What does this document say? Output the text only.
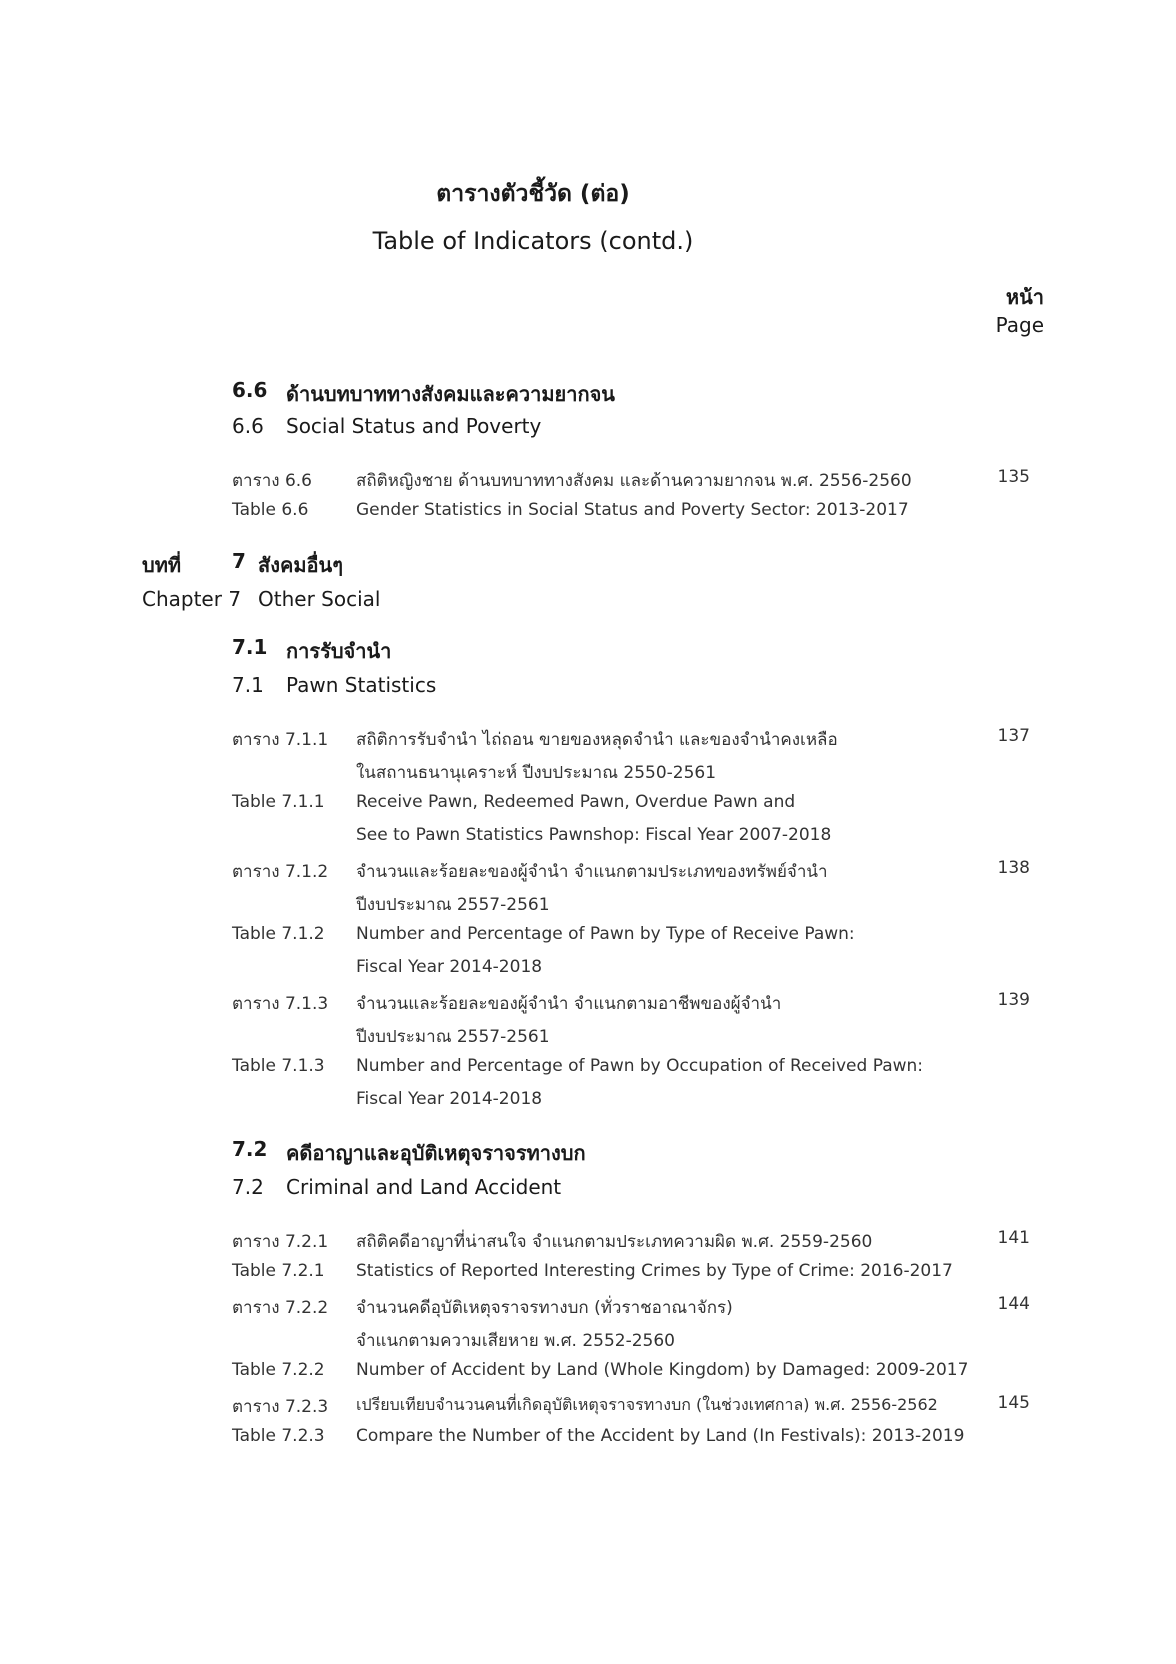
ตารางตัวชี้วัด (ต่อ)
Table of Indicators (contd.)
หน้า
Page
6.6 ด้านบทบาททางสังคมและความยากจน
6.6 Social Status and Poverty
ตาราง 6.6	สถิติหญิงชาย ด้านบทบาททางสังคม และด้านความยากจน พ.ศ. 2556-2560	135
Table 6.6	Gender Statistics in Social Status and Poverty Sector: 2013-2017
บทที่	7 สังคมอื่นๆ
Chapter 7 Other Social
7.1 การรับจำนำ
7.1 Pawn Statistics
ตาราง 7.1.1 สถิติการรับจำนำ ไถ่ถอน ขายของหลุดจำนำ และของจำนำคงเหลือ	137
ในสถานธนานุเคราะห์ ปีงบประมาณ 2550-2561
Table 7.1.1 Receive Pawn, Redeemed Pawn, Overdue Pawn and
See to Pawn Statistics Pawnshop: Fiscal Year 2007-2018
ตาราง 7.1.2 จำนวนและร้อยละของผู้จำนำ จำแนกตามประเภทของทรัพย์จำนำ	138
ปีงบประมาณ 2557-2561
Table 7.1.2 Number and Percentage of Pawn by Type of Receive Pawn:
Fiscal Year 2014-2018
ตาราง 7.1.3 จำนวนและร้อยละของผู้จำนำ จำแนกตามอาชีพของผู้จำนำ	139
ปีงบประมาณ 2557-2561
Table 7.1.3 Number and Percentage of Pawn by Occupation of Received Pawn:
Fiscal Year 2014-2018
7.2 คดีอาญาและอุบัติเหตุจราจรทางบก
7.2 Criminal and Land Accident
ตาราง 7.2.1 สถิติคดีอาญาที่น่าสนใจ จำแนกตามประเภทความผิด พ.ศ. 2559-2560	141
Table 7.2.1 Statistics of Reported Interesting Crimes by Type of Crime: 2016-2017
ตาราง 7.2.2 จำนวนคดีอุบัติเหตุจราจรทางบก (ทั่วราชอาณาจักร)	144
จำแนกตามความเสียหาย พ.ศ. 2552-2560
Table 7.2.2 Number of Accident by Land (Whole Kingdom) by Damaged: 2009-2017
ตาราง 7.2.3 เปรียบเทียบจำนวนคนที่เกิดอุบัติเหตุจราจรทางบก (ในช่วงเทศกาล) พ.ศ. 2556-2562	145
Table 7.2.3 Compare the Number of the Accident by Land (In Festivals): 2013-2019
